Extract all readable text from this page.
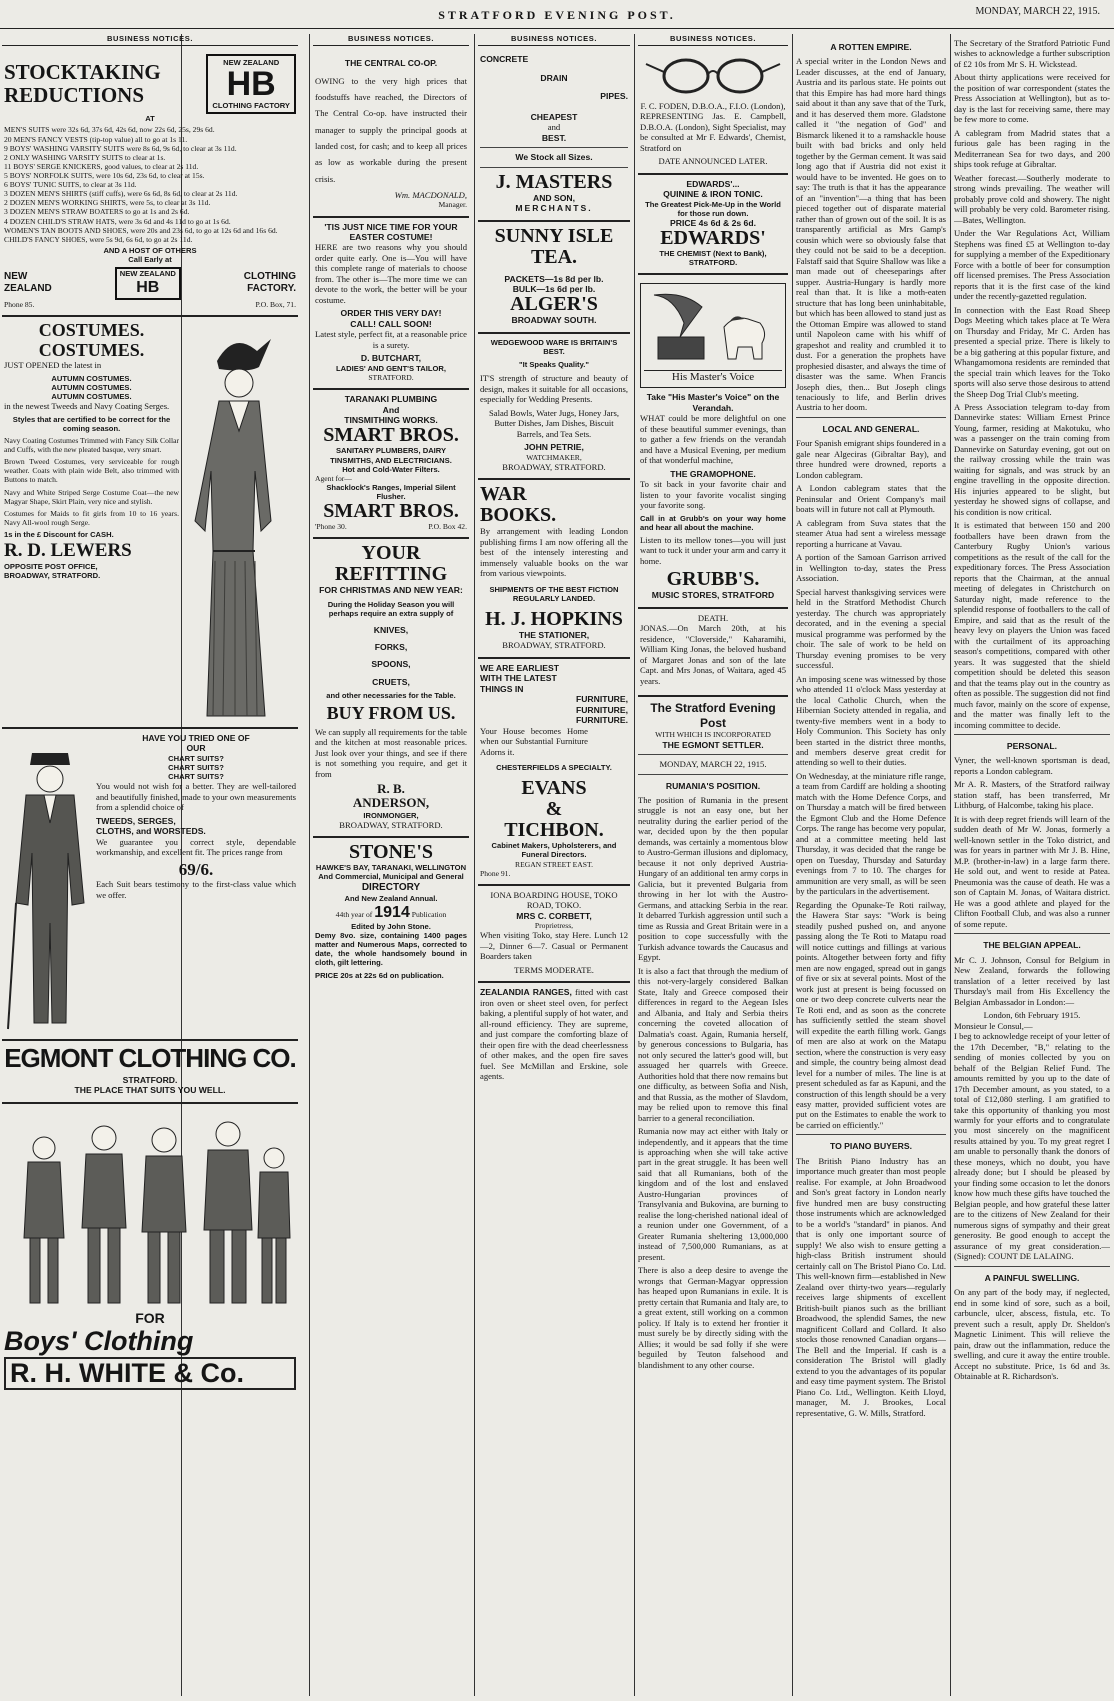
STRATFORD EVENING POST.	MONDAY, MARCH 22, 1915.
BUSINESS NOTICES.
STOCKTAKING
REDUCTIONS
NEW ZEALAND
HB
CLOTHING FACTORY
AT
MEN'S SUITS were 32s 6d, 37s 6d, 42s 6d, now 22s 6d, 25s, 29s 6d.
20 MEN'S FANCY VESTS (tip-top value) all to go at 1s 11.
9 BOYS' WASHING VARSITY SUITS were 8s 6d, 9s 6d, to clear at 3s 11d.
2 ONLY WASHING VARSITY SUITS to clear at 1s.
11 BOYS' SERGE KNICKERS, good values, to clear at 2s 11d.
5 BOYS' NORFOLK SUITS, were 10s 6d, 23s 6d, to clear at 15s.
6 BOYS' TUNIC SUITS, to clear at 3s 11d.
3 DOZEN MEN'S SHIRTS (stiff cuffs), were 6s 6d, 8s 6d, to clear at 2s 11d.
2 DOZEN MEN'S WORKING SHIRTS, were 5s, to clear at 3s 11d.
3 DOZEN MEN'S STRAW BOATERS to go at 1s and 2s 6d.
4 DOZEN CHILD'S STRAW HATS, were 3s 6d and 4s 11d to go at 1s 6d.
WOMEN'S TAN BOOTS AND SHOES, were 20s and 23s 6d, to go at 12s 6d and 16s 6d.
CHILD'S FANCY SHOES, were 5s 9d, 6s 6d, to go at 2s 11d.
AND A HOST OF OTHERS
Call Early at
NEW
ZEALAND
NEW ZEALAND
HB
CLOTHING
FACTORY.
Phone 85.	P.O. Box, 71.
COSTUMES.
COSTUMES.

JUST OPENED the latest in

AUTUMN COSTUMES.
AUTUMN COSTUMES.
AUTUMN COSTUMES.

in the newest Tweeds and Navy Coating Serges.

Styles that are certified to be correct for the coming season.

Navy Coating Costumes Trimmed with Fancy Silk Collar and Cuffs, with the new pleated basque, very smart.

Brown Tweed Costumes, very serviceable for rough weather. Coats with plain wide Belt, also trimmed with Buttons to match.

Navy and White Striped Serge Costume Coat—the new Magyar Shape, Skirt Plain, very nice and stylish.

Costumes for Maids to fit girls from 10 to 16 years. Navy All-wool rough Serge.

1s in the £ Discount for CASH.
R. D. LEWERS
OPPOSITE POST OFFICE,
BROADWAY, STRATFORD.
HAVE YOU TRIED ONE OF
OUR
CHART SUITS?
CHART SUITS?
CHART SUITS?

You would not wish for a better. They are well-tailored and beautifully finished, made to your own measurements from a splendid choice of

TWEEDS, SERGES,
CLOTHS, and WORSTEDS.

We guarantee you correct style, dependable workmanship, and excellent fit. The prices range from

69/6.

Each Suit bears testimony to the first-class value which we offer.

EGMONT CLOTHING CO.
STRATFORD.
THE PLACE THAT SUITS YOU WELL.
FOR
Boys' Clothing
R. H. WHITE & Co.
BUSINESS NOTICES.
THE CENTRAL CO-OP.

OWING to the very high prices that foodstuffs have reached, the Directors of The Central Co-op. have instructed their manager to supply the principal goods at landed cost, for cash; and to keep all prices as low as workable during the present crisis.

Wm. MACDONALD,
Manager.
'TIS JUST NICE TIME FOR YOUR EASTER COSTUME!

HERE are two reasons why you should order quite early. One is—You will have this complete range of materials to choose from. The other is—The more time we can devote to the work, the better will be your costume.

ORDER THIS VERY DAY!
CALL! CALL SOON!

Latest style, perfect fit, at a reasonable price is a surety.

D. BUTCHART,
LADIES' AND GENT'S TAILOR,
STRATFORD.
TARANAKI PLUMBING
And
TINSMITHING WORKS.
SMART BROS.
SANITARY PLUMBERS, DAIRY TINSMITHS, AND ELECTRICIANS.
Hot and Cold-Water Filters.
Agent for—
Shacklock's Ranges, Imperial Silent Flusher.
SMART BROS.
'Phone 30.	P.O. Box 42.
YOUR
REFITTING
FOR CHRISTMAS AND NEW YEAR:
During the Holiday Season you will perhaps require an extra supply of
KNIVES,
FORKS,
SPOONS,
CRUETS,
and other necessaries for the Table.
BUY FROM US.

We can supply all requirements for the table and the kitchen at most reasonable prices. Just look over your things, and see if there is not something you require, and get it from

R. B.
ANDERSON,
IRONMONGER,
BROADWAY, STRATFORD.
STONE'S
HAWKE'S BAY, TARANAKI, WELLINGTON And Commercial, Municipal and General
DIRECTORY
And New Zealand Annual.
44th year of 1914 Publication
Edited by John Stone.

Demy 8vo. size, containing 1400 pages matter and Numerous Maps, corrected to date, the whole handsomely bound in cloth, gilt lettering.

PRICE 20s at 22s 6d on publication.
BUSINESS NOTICES.
CONCRETE
DRAIN
PIPES.
CHEAPEST
and
BEST.
We Stock all Sizes.
J. MASTERS
AND SON,
MERCHANTS.
SUNNY ISLE
TEA.
PACKETS—1s 8d per lb.
BULK—1s 6d per lb.
ALGER'S
BROADWAY SOUTH.
WEDGEWOOD WARE IS BRITAIN'S BEST.
"It Speaks Quality."

IT'S strength of structure and beauty of design, makes it suitable for all occasions, especially for Wedding Presents.

Salad Bowls, Water Jugs, Honey Jars, Butter Dishes, Jam Dishes, Biscuit Barrels, and Tea Sets.

JOHN PETRIE,
WATCHMAKER,
BROADWAY, STRATFORD.
WAR
BOOKS.

By arrangement with leading London publishing firms I am now offering all the best of the intensely interesting and immensely valuable books on the war from various viewpoints.

SHIPMENTS OF THE BEST FICTION REGULARLY LANDED.
H. J. HOPKINS
THE STATIONER,
BROADWAY, STRATFORD.
WE ARE EARLIEST
WITH THE LATEST
THINGS IN
FURNITURE,
FURNITURE,
FURNITURE.

Your House becomes Home when our Substantial Furniture Adorns it.

CHESTERFIELDS A SPECIALTY.
EVANS
&
TICHBON.
Cabinet Makers, Upholsterers, and Funeral Directors.
REGAN STREET EAST.
Phone 91.
IONA BOARDING HOUSE, TOKO ROAD, TOKO.
MRS C. CORBETT,
Proprietress,

When visiting Toko, stay Here. Lunch 12—2, Dinner 6—7. Casual or Permanent Boarders taken

TERMS MODERATE.

ZEALANDIA RANGES, fitted with cast iron oven or sheet steel oven, for perfect baking, a plentiful supply of hot water, and all-round efficiency. They are supreme, and just compare the comforting blaze of their open fire with the dead cheerlessness of other makes, and the open fire saves fuel. See McMillan and Erskine, sole agents.

BUSINESS NOTICES.
F. C. FODEN, D.B.O.A., F.I.O. (London),

REPRESENTING Jas. E. Campbell, D.B.O.A. (London), Sight Specialist, may be consulted at Mr F. Edwards', Chemist, Stratford on

DATE ANNOUNCED LATER.
EDWARDS'...
QUININE & IRON TONIC.
The Greatest Pick-Me-Up in the World for those run down.
PRICE 4s 6d & 2s 6d.
EDWARDS'
THE CHEMIST (Next to Bank), STRATFORD.
His Master's Voice
Take "His Master's Voice" on the Verandah.

WHAT could be more delightful on one of these beautiful summer evenings, than to gather a few friends on the verandah and have a Musical Evening, per medium of that wonderful machine,

THE GRAMOPHONE.

To sit back in your favorite chair and listen to your favorite vocalist singing your favorite song.

Call in at Grubb's on your way home and hear all about the machine.

Listen to its mellow tones—you will just want to tuck it under your arm and carry it home.

GRUBB'S.
MUSIC STORES, STRATFORD
DEATH.

JONAS.—On March 20th, at his residence, "Cloverside," Kaharamihi, William King Jonas, the beloved husband of Margaret Jonas and son of the late Capt. and Mrs Jonas, of Waitara, aged 45 years.

The Stratford Evening Post
WITH WHICH IS INCORPORATED
THE EGMONT SETTLER.
MONDAY, MARCH 22, 1915.
RUMANIA'S POSITION.

The position of Rumania in the present struggle is not an easy one, but her neutrality during the earlier period of the war, decided upon by the then popular demands, was certainly a momentous blow to Austro-German illusions and diplomacy, because it not only deprived Austria-Hungary of an additional ten army corps in Galicia, but it prevented Bulgaria from throwing in her lot with the Austro-Germans, and attacking Serbia in the rear. It debarred Turkish aggression until such a time as Russia and Great Britain were in a position to cope successfully with the Turkish advance towards the Caucasus and Egypt.

It is also a fact that through the medium of this not-very-largely considered Balkan State, Italy and Greece composed their differences in regard to the Aegean Isles and Albania, and Italy and Serbia theirs concerning the coveted allocation of Dalmatia's coast. Again, Rumania herself, by generous concessions to Bulgaria, has not only secured the latter's good will, but assuaged her quarrels with Greece. Authorities hold that there now remains but one difficulty, as between Sofia and Nish, and that Russia, as the mother of Slavdom, may be relied upon to remove this final barrier to a general reconciliation.

Rumania now may act either with Italy or independently, and it appears that the time is approaching when she will take active part in the great struggle. It has been well said that all Rumanians, both of the kingdom and of the lost and enslaved Austro-Hungarian provinces of Transylvania and Bukovina, are burning to realise the long-cherished national ideal of a reunion under one Government, of a Greater Rumania sheltering 13,000,000 instead of 7,500,000 Rumanians, as at present.

There is also a deep desire to avenge the wrongs that German-Magyar oppression has heaped upon Rumanians in exile. It is pretty certain that Rumania and Italy are, to a great extent, still working on a common policy. If Italy is to extend her frontier it must surely be by directly siding with the Allies; it would be sad folly if she were beguiled by Teuton falsehood and blandishment to any other course.

A ROTTEN EMPIRE.

A special writer in the London News and Leader discusses, at the end of January, Austria and its parlous state. He points out that this Empire has had more hard things said about it than any save that of the Turk, and it has deserved them more. Gladstone called it "the negation of God" and Bismarck likened it to a ramshackle house built with bad bricks and only held together by the German cement. It was said long ago that if Austria did not exist it would have to be invented. He goes on to say: The truth is that it has the appearance of an "invention"—a thing that has been pieced together out of disparate material rather than of grown out of the soil. It is as transparently artificial as Mrs Gamp's cousin which were so obviously false that they could not be said to be a deception. Falstaff said that Squire Shallow was like a man made out of cheeseparings after supper. Austria-Hungary is hardly more real than that. It is like a moth-eaten structure that has long been uninhabitable, but which has been allowed to stand just as the Ottoman Empire was allowed to stand until Napoleon came with his whiff of grapeshot and reality and crumbled it to dust. For a generation the prophets have prophesied disaster, and always the time of disaster was the same. When Francis Joseph dies, then... But Joseph clings tenaciously to life, and Berlin drives Austria to her doom.

LOCAL AND GENERAL.

Four Spanish emigrant ships foundered in a gale near Algeciras (Gibraltar Bay), and three hundred were drowned, reports a London cablegram.

A London cablegram states that the Peninsular and Orient Company's mail boats will in future not call at Plymouth.

A cablegram from Suva states that the steamer Atua had sent a wireless message reporting a hurricane at Vavau.

A portion of the Samoan Garrison arrived in Wellington to-day, states the Press Association.

Special harvest thanksgiving services were held in the Stratford Methodist Church yesterday. The church was appropriately decorated, and in the evening a special musical programme was performed by the choir. The sale of work to be held on Thursday evening promises to be very successful.

An imposing scene was witnessed by those who attended 11 o'clock Mass yesterday at the local Catholic Church, when the Hibernian Society attended in regalia, and twenty-five members went in a body to Holy Communion. This Society has only been started in the district three months, and members deserve great credit for attending so well to their duties.

On Wednesday, at the miniature rifle range, a team from Cardiff are holding a shooting match with the Home Defence Corps, and on Thursday a match will be fired between the Egmont Club and the Home Defence Corps. The range has become very popular, and at a committee meeting held last Thursday, it was decided that the range be open on Tuesday, Thursday and Saturday evenings from 7 to 10. The charges for ammunition are very small, as will be seen by the particulars in the advertisement.

Regarding the Opunake-Te Roti railway, the Hawera Star says: "Work is being steadily pushed pushed on, and anyone passing along the Te Roti to Matapu road will notice cuttings and fillings at various points. Altogether between forty and fifty men are now engaged, spread out in gangs of five or six at several points. Most of the work just at present is being focussed on one or two deep concrete culverts near the Te Roti end, and as soon as the concrete has sufficiently settled the steam shovel will expedite the earth filling work. Gangs of men are also at work on the Matapu section, where the construction is very easy and simple, the country being almost dead level for a number of miles. The line is at present scheduled as far as Kapuni, and the construction of this length should be a very easy matter, provided sufficient votes are put on the Estimates to enable the work to be carried on efficiently."

TO PIANO BUYERS.

The British Piano Industry has an importance much greater than most people realise. For example, at John Broadwood and Son's great factory in London nearly five hundred men are busy constructing those instruments which are acknowledged to be a world's "standard" in pianos. And that is only one important source of supply! We also wish to ensure getting a high-class British instrument should certainly call on The Bristol Piano Co. Ltd. This well-known firm—established in New Zealand over thirty-two years—regularly receives large shipments of excellent British-built pianos such as the brilliant Broadwood, the splendid Sames, the new magnificent Collard and Collard. It also stocks those renowned Canadian organs—The Bell and the Imperial. If cash is a consideration The Bristol will gladly extend to you the advantages of its popular and easy time payment system. The Bristol Piano Co. Ltd., Wellington. Keith Lloyd, manager, M. J. Brookes, Local representative, G. W. Mills, Stratford.

The Secretary of the Stratford Patriotic Fund wishes to acknowledge a further subscription of £2 10s from Mr S. H. Wickstead.

About thirty applications were received for the position of war correspondent (states the Press Association at Wellington), but as to-day is the last for receiving same, there may be few more to come.

A cablegram from Madrid states that a furious gale has been raging in the Mediterranean Sea for two days, and 200 ships took refuge at Gibraltar.

Weather forecast.—Southerly moderate to strong winds prevailing. The weather will probably prove cold and showery. The night will probably be very cold. Barometer rising.—Bates, Wellington.

Under the War Regulations Act, William Stephens was fined £5 at Wellington to-day for supplying a member of the Expeditionary Force with a bottle of beer for consumption off licensed premises. The Press Association reports that it is the first case of the kind under the recently-gazetted regulation.

In connection with the East Road Sheep Dogs Meeting which takes place at Te Wera on Thursday and Friday, Mr C. Arden has presented a special prize. There is likely to be a big gathering at this popular fixture, and Whangamomona residents are reminded that the special train which leaves for the Toko sports will also serve those desirous to attend the Sheep Dog Trial Club's meeting.

A Press Association telegram to-day from Dannevirke states: William Ernest Prince Young, farmer, residing at Makotuku, who was a passenger on the train coming from Dannevirke on Saturday evening, got out on the railway crossing while the train was waiting for signals, and was struck by an engine travelling in the opposite direction. His injuries appeared to be slight, but yesterday he showed signs of collapse, and his condition is now critical.

It is estimated that between 150 and 200 footballers have been drawn from the Canterbury Rugby Union's various competitions as the result of the call for the expeditionary forces. The Press Association reports that the Chairman, at the annual meeting of delegates in Christchurch on Saturday night, made reference to the splendid response of footballers to the call of Empire, and said that as the result of the heavy levy on players the Union was faced with the curtailment of its approaching season's competitions, compared with other years. It was suggested that the shield competition should be deleted this season and that the teams play out in the country as often as possible. The suggestion did not find much favor, mainly on the score of expense, and the matter was finally left to the incoming committee to decide.

PERSONAL.

Vyner, the well-known sportsman is dead, reports a London cablegram.

Mr A. R. Masters, of the Stratford railway station staff, has been transferred, Mr Lithburg, of Halcombe, taking his place.

It is with deep regret friends will learn of the sudden death of Mr W. Jonas, formerly a well-known settler in the Toko district, and was for years in partner with Mr J. B. Hine, M.P. (brother-in-law) in a large farm there. He sold out, and went to reside at Patea. Pneumonia was the cause of death. He was a son of Captain M. Jonas, of Waitara district. He was a good athlete and played for the Clifton Football Club, and was also a runner of some repute.

THE BELGIAN APPEAL.

Mr C. J. Johnson, Consul for Belgium in New Zealand, forwards the following translation of a letter received by last Thursday's mail from His Excellency the Belgian Ambassador in London:—

London, 6th February 1915.
Monsieur le Consul,—

I beg to acknowledge receipt of your letter of the 17th December, "B," relating to the sending of monies collected by you on behalf of the Belgian Relief Fund. The amounts remitted by you up to the date of 17th December amount, as you stated, to a total of £12,080 sterling. I am gratified to take this opportunity of thanking you most warmly for your efforts and to congratulate you most sincerely on the magnificent results attained by you. To my great regret I am unable to personally thank the donors of these moneys, which no doubt, you have already done; but I should be pleased by your finding some occasion to let the donors know how much these gifts have touched the Belgian people, and how grateful these latter are to the citizens of New Zealand for their numerous signs of sympathy and their great generosity. Be good enough to accept the assurance of my great consideration.—(Signed): COUNT DE LALAING.

A PAINFUL SWELLING.

On any part of the body may, if neglected, end in some kind of sore, such as a boil, carbuncle, ulcer, abscess, fistula, etc. To prevent such a result, apply Dr. Sheldon's Magnetic Liniment. This will relieve the pain, draw out the inflammation, reduce the swelling, and cure it away the entire trouble. Accept no substitute. Price, 1s 6d and 3s. Obtainable at R. Richardson's.
